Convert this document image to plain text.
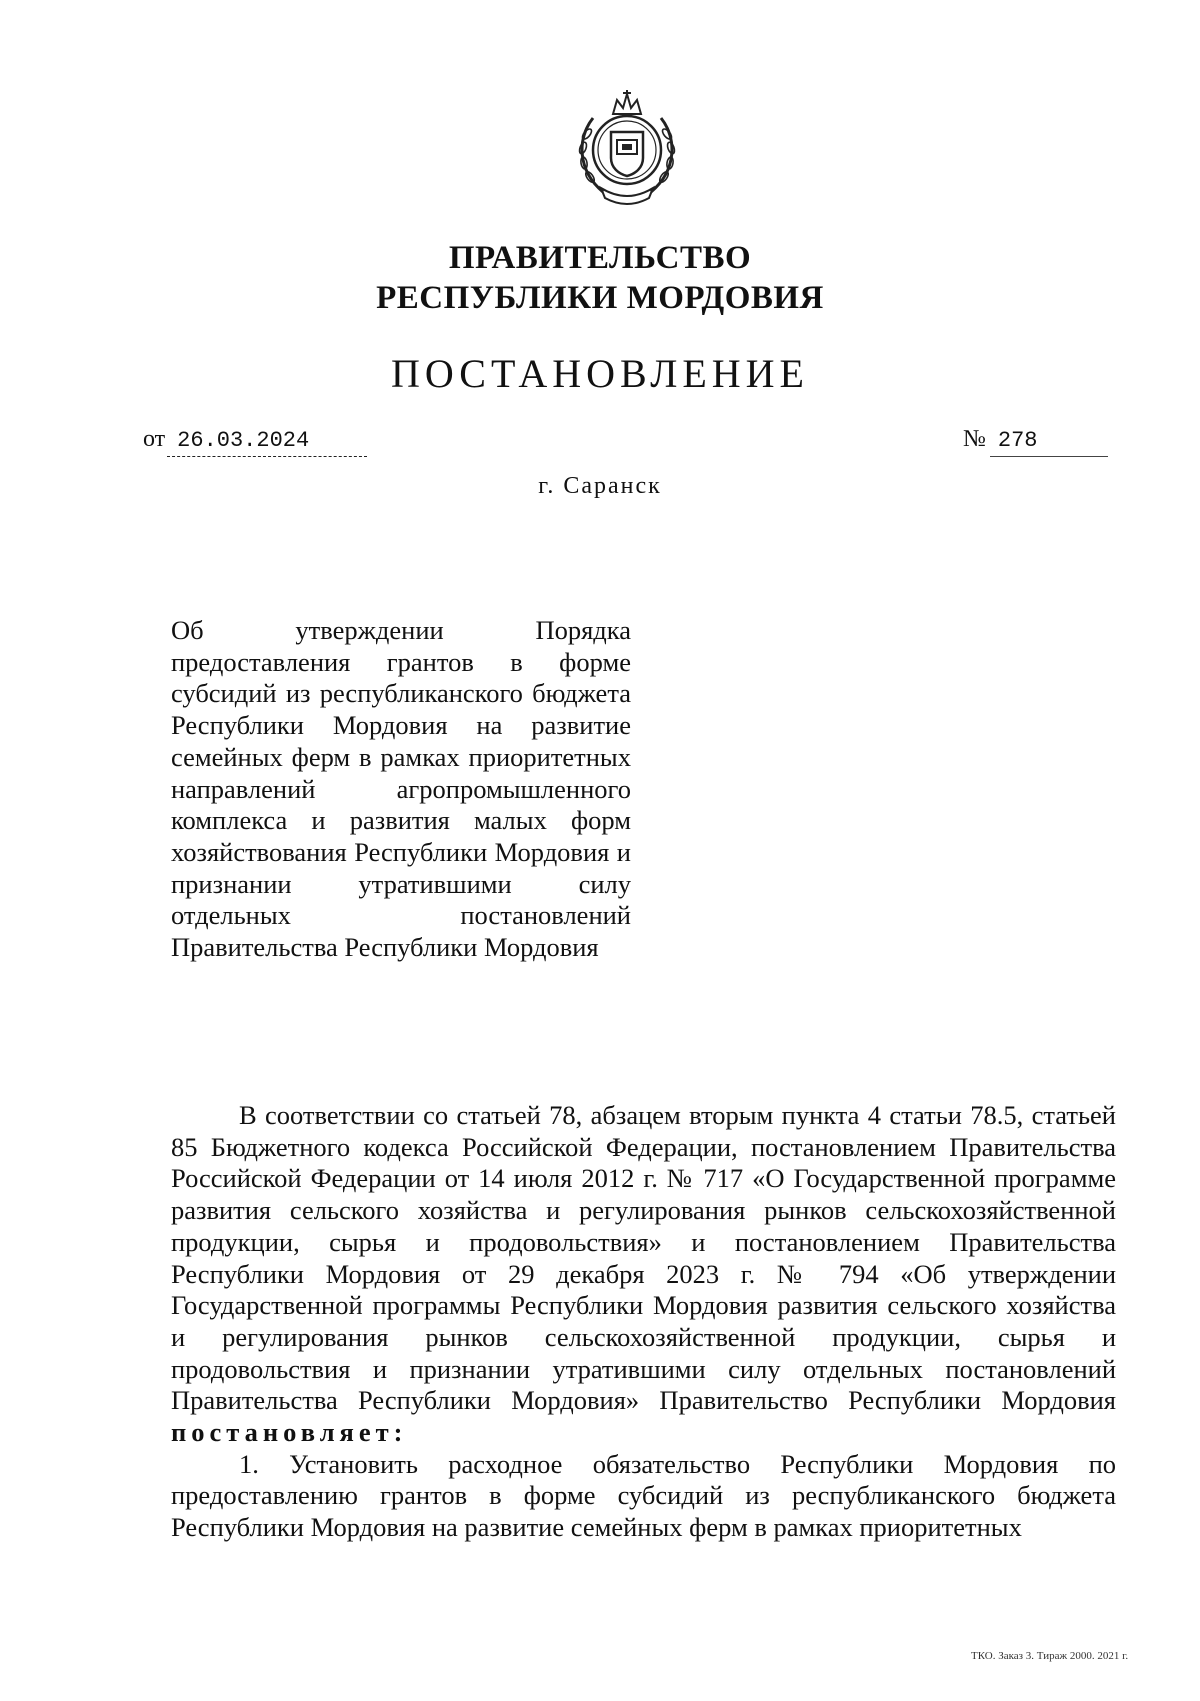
ПРАВИТЕЛЬСТВО
РЕСПУБЛИКИ МОРДОВИЯ
ПОСТАНОВЛЕНИЕ
от 26.03.2024	№ 278
г. Саранск

Об утверждении Порядка предоставления грантов в форме субсидий из республиканского бюджета Республики Мордовия на развитие семейных ферм в рамках приоритетных направлений агропромышленного комплекса и развития малых форм хозяйствования Республики Мордовия и признании утратившими силу отдельных постановлений Правительства Республики Мордовия

В соответствии со статьей 78, абзацем вторым пункта 4 статьи 78.5, статьей 85 Бюджетного кодекса Российской Федерации, постановлением Правительства Российской Федерации от 14 июля 2012 г. № 717 «О Государственной программе развития сельского хозяйства и регулирования рынков сельскохозяйственной продукции, сырья и продовольствия» и постановлением Правительства Республики Мордовия от 29 декабря 2023 г. № 794 «Об утверждении Государственной программы Республики Мордовия развития сельского хозяйства и регулирования рынков сельскохозяйственной продукции, сырья и продовольствия и признании утратившими силу отдельных постановлений Правительства Республики Мордовия» Правительство Республики Мордовия постановляет:

1. Установить расходное обязательство Республики Мордовия по предоставлению грантов в форме субсидий из республиканского бюджета Республики Мордовия на развитие семейных ферм в рамках приоритетных

ТКО. Заказ 3. Тираж 2000. 2021 г.
